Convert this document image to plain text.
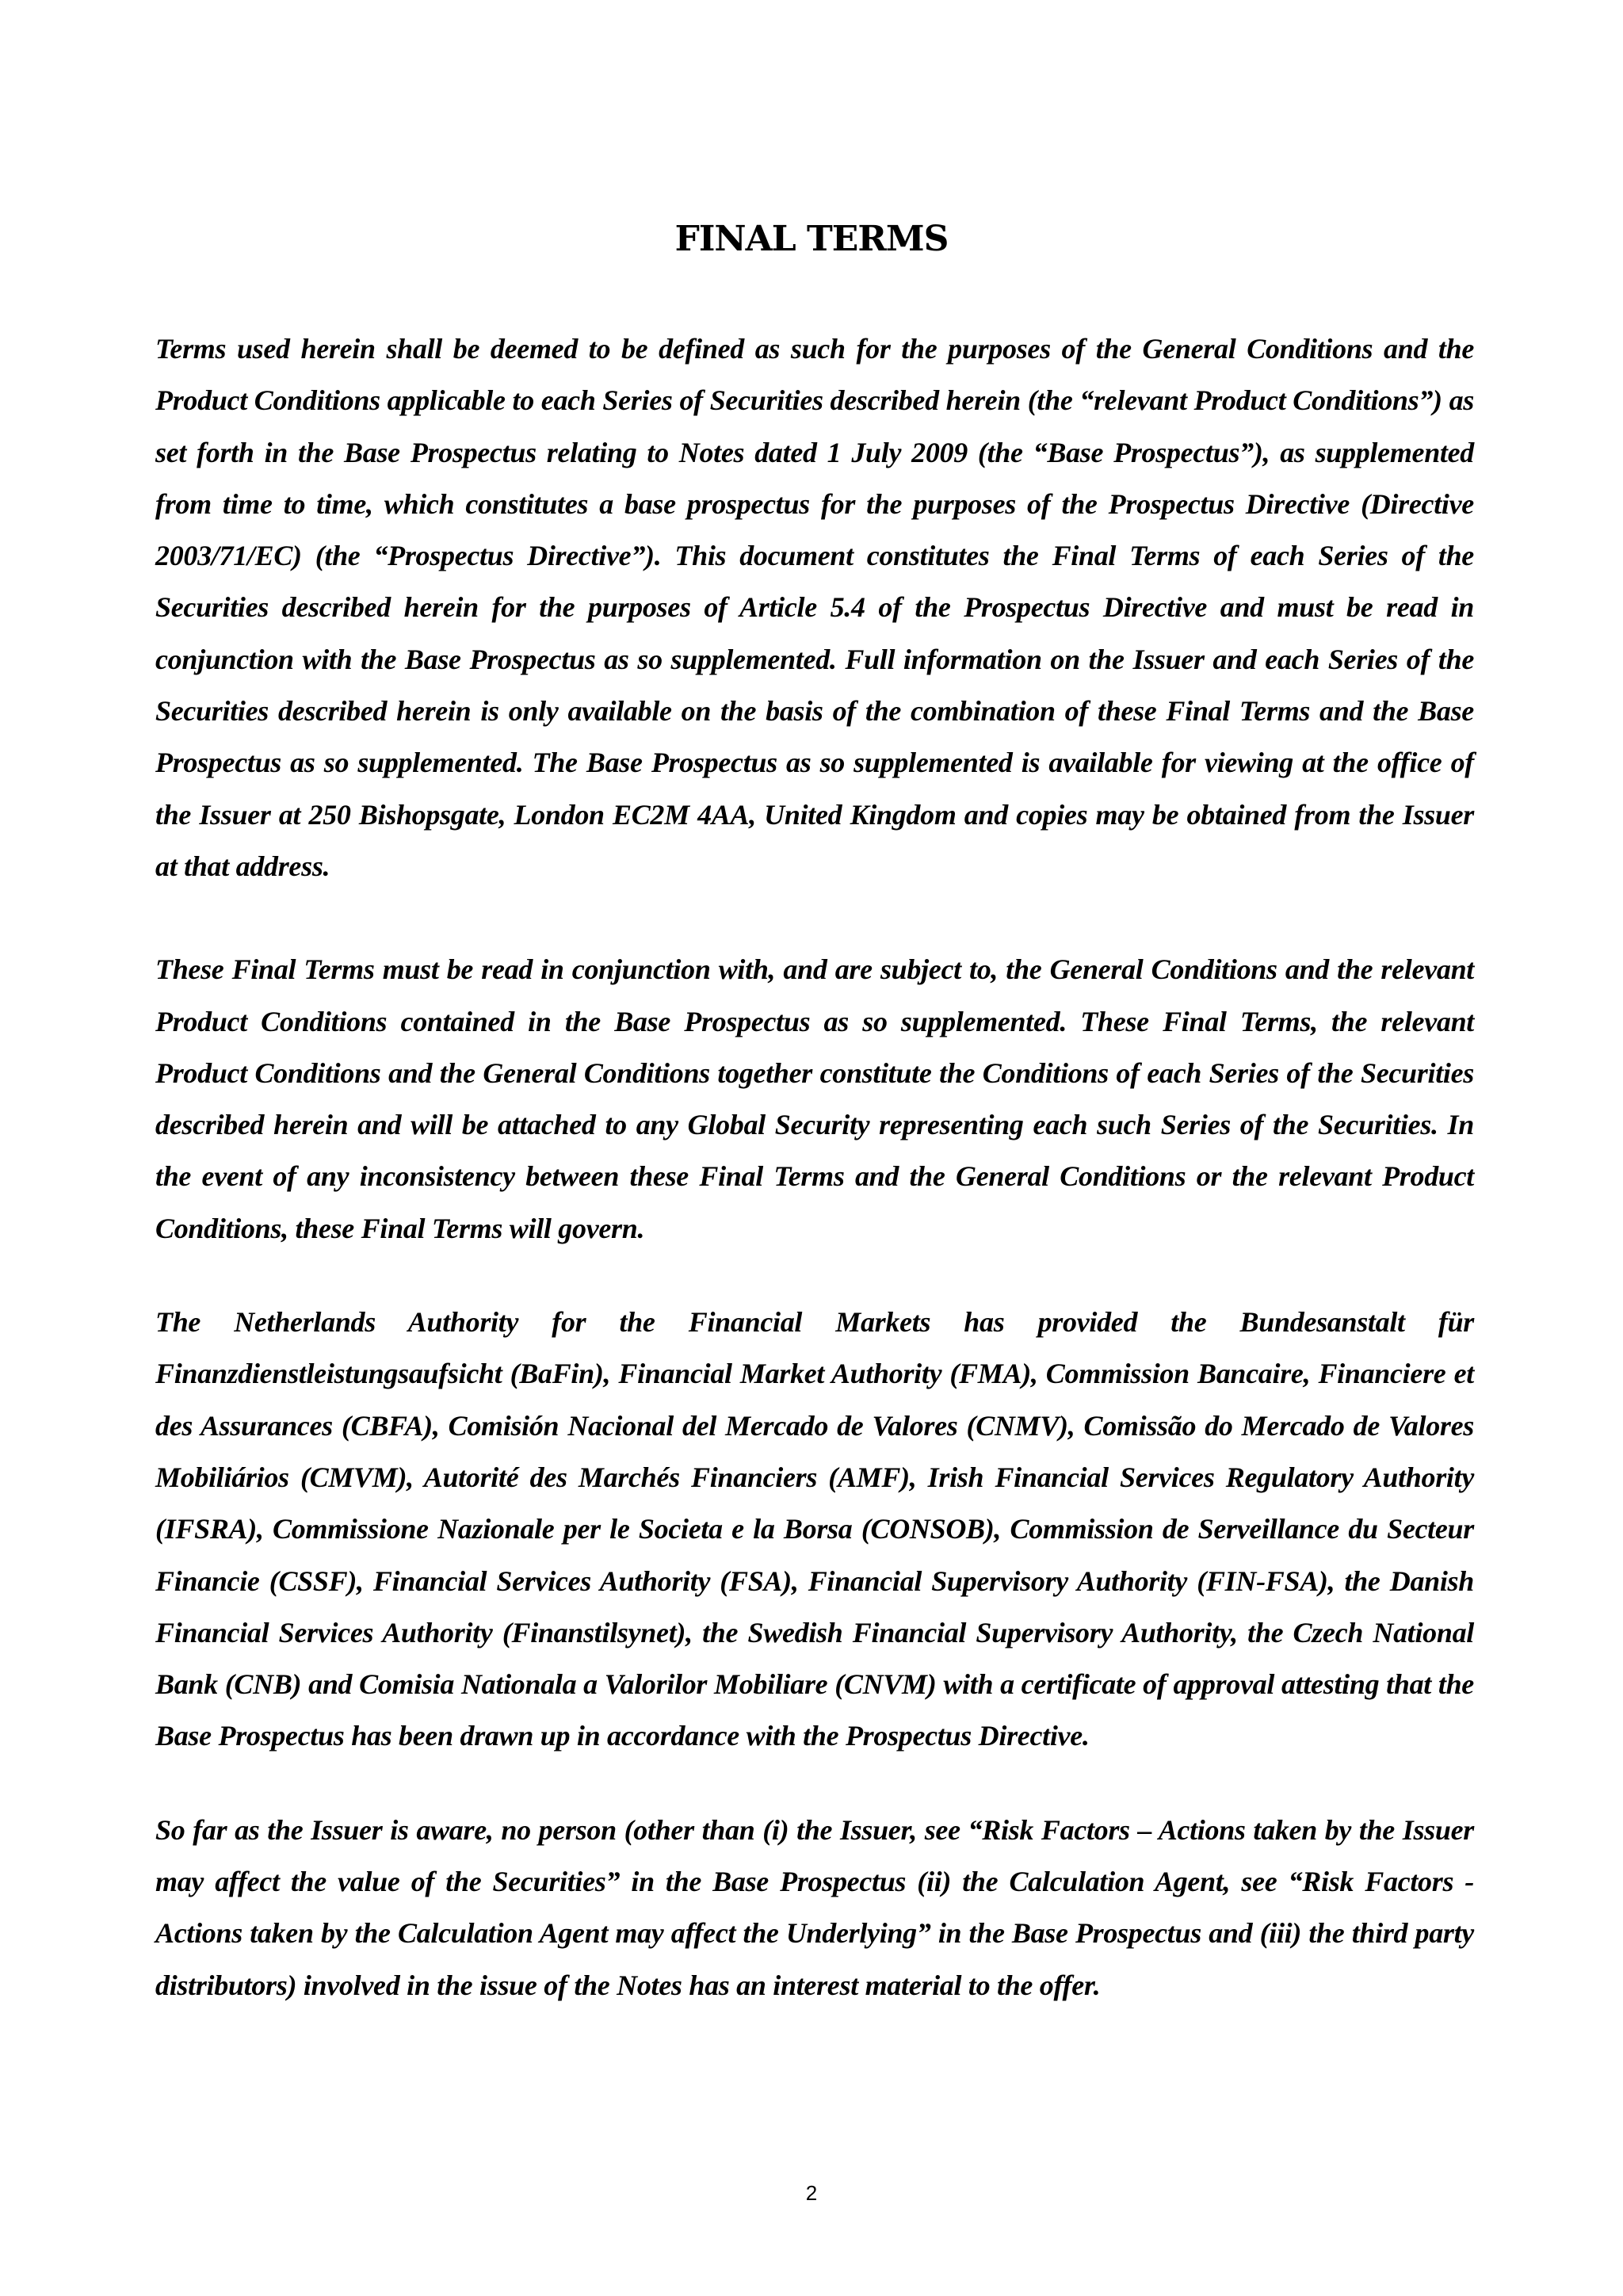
FINAL TERMS

Terms used herein shall be deemed to be defined as such for the purposes of the General Conditions and the Product Conditions applicable to each Series of Securities described herein (the “relevant Product Conditions”) as set forth in the Base Prospectus relating to Notes dated 1 July 2009 (the “Base Prospectus”), as supplemented from time to time, which constitutes a base prospectus for the purposes of the Prospectus Directive (Directive 2003/71/EC) (the “Prospectus Directive”). This document constitutes the Final Terms of each Series of the Securities described herein for the purposes of Article 5.4 of the Prospectus Directive and must be read in conjunction with the Base Prospectus as so supplemented. Full information on the Issuer and each Series of the Securities described herein is only available on the basis of the combination of these Final Terms and the Base Prospectus as so supplemented. The Base Prospectus as so supplemented is available for viewing at the office of the Issuer at 250 Bishopsgate, London EC2M 4AA, United Kingdom and copies may be obtained from the Issuer at that address.

These Final Terms must be read in conjunction with, and are subject to, the General Conditions and the relevant Product Conditions contained in the Base Prospectus as so supplemented. These Final Terms, the relevant Product Conditions and the General Conditions together constitute the Conditions of each Series of the Securities described herein and will be attached to any Global Security representing each such Series of the Securities. In the event of any inconsistency between these Final Terms and the General Conditions or the relevant Product Conditions, these Final Terms will govern.

The Netherlands Authority for the Financial Markets has provided the Bundesanstalt für Finanzdienstleistungsaufsicht (BaFin), Financial Market Authority (FMA), Commission Bancaire, Financiere et des Assurances (CBFA), Comisión Nacional del Mercado de Valores (CNMV), Comissão do Mercado de Valores Mobiliários (CMVM), Autorité des Marchés Financiers (AMF), Irish Financial Services Regulatory Authority (IFSRA), Commissione Nazionale per le Societa e la Borsa (CONSOB), Commission de Serveillance du Secteur Financie (CSSF), Financial Services Authority (FSA), Financial Supervisory Authority (FIN-FSA), the Danish Financial Services Authority (Finanstilsynet), the Swedish Financial Supervisory Authority, the Czech National Bank (CNB) and Comisia Nationala a Valorilor Mobiliare (CNVM) with a certificate of approval attesting that the Base Prospectus has been drawn up in accordance with the Prospectus Directive.

So far as the Issuer is aware, no person (other than (i) the Issuer, see “Risk Factors – Actions taken by the Issuer may affect the value of the Securities” in the Base Prospectus (ii) the Calculation Agent, see “Risk Factors - Actions taken by the Calculation Agent may affect the Underlying” in the Base Prospectus and (iii) the third party distributors) involved in the issue of the Notes has an interest material to the offer.

2
